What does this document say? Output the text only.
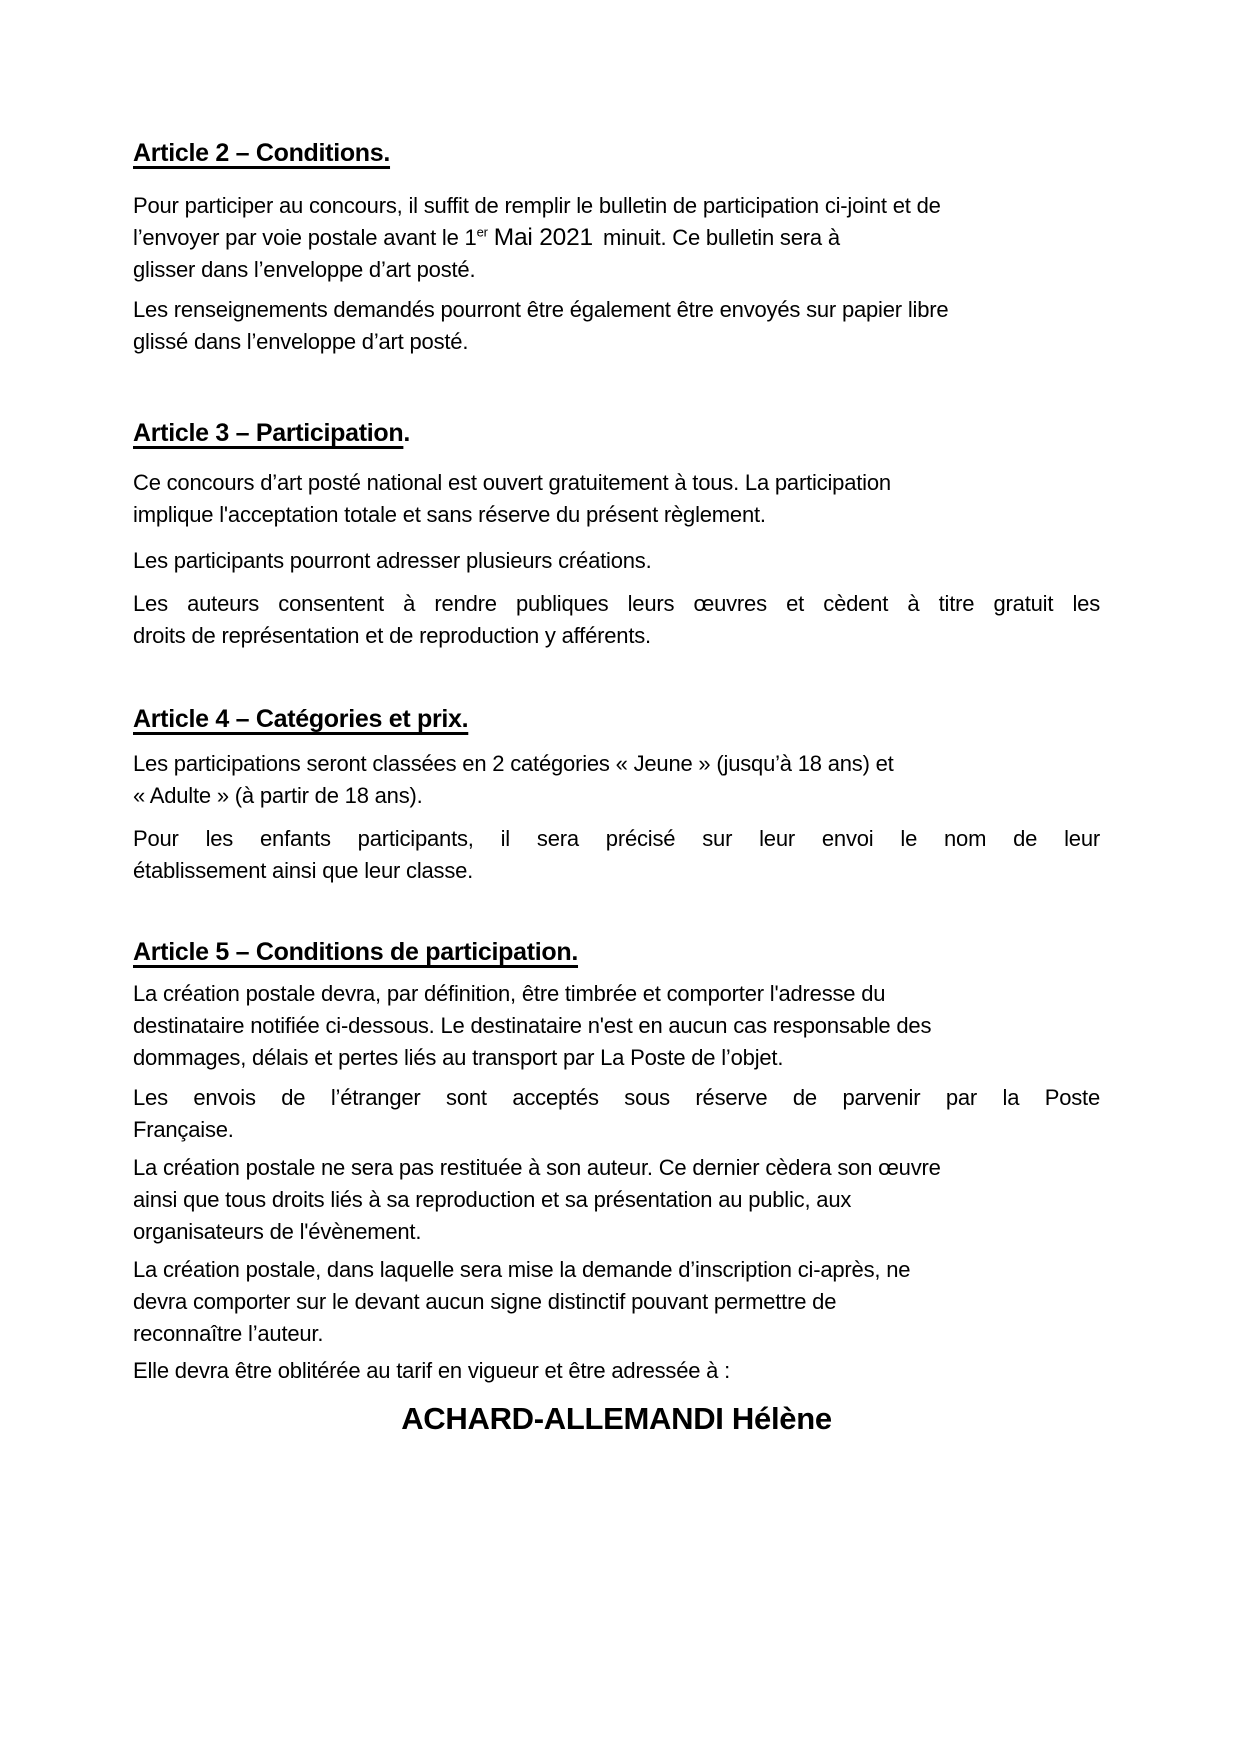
Article 2 – Conditions.
Pour participer au concours, il suffit de remplir le bulletin de participation ci-joint et de
l’envoyer par voie postale avant le 1er Mai 2021 minuit. Ce bulletin sera à
glisser dans l’enveloppe d’art posté.
Les renseignements demandés pourront être également être envoyés sur papier libre
glissé dans l’enveloppe d’art posté.
Article 3 – Participation.
Ce concours d’art posté national est ouvert gratuitement à tous. La participation
implique l'acceptation totale et sans réserve du présent règlement.
Les participants pourront adresser plusieurs créations.
Les auteurs consentent à rendre publiques leurs œuvres et cèdent à titre gratuit les
droits de représentation et de reproduction y afférents.
Article 4 – Catégories et prix.
Les participations seront classées en 2 catégories « Jeune » (jusqu’à 18 ans) et
« Adulte » (à partir de 18 ans).
Pour les enfants participants, il sera précisé sur leur envoi le nom de leur
établissement ainsi que leur classe.
Article 5 – Conditions de participation.
La création postale devra, par définition, être timbrée et comporter l'adresse du
destinataire notifiée ci-dessous. Le destinataire n'est en aucun cas responsable des
dommages, délais et pertes liés au transport par La Poste de l’objet.
Les envois de l’étranger sont acceptés sous réserve de parvenir par la Poste
Française.
La création postale ne sera pas restituée à son auteur. Ce dernier cèdera son œuvre
ainsi que tous droits liés à sa reproduction et sa présentation au public, aux
organisateurs de l'évènement.
La création postale, dans laquelle sera mise la demande d’inscription ci-après, ne
devra comporter sur le devant aucun signe distinctif pouvant permettre de
reconnaître l’auteur.
Elle devra être oblitérée au tarif en vigueur et être adressée à :
ACHARD-ALLEMANDI Hélène
